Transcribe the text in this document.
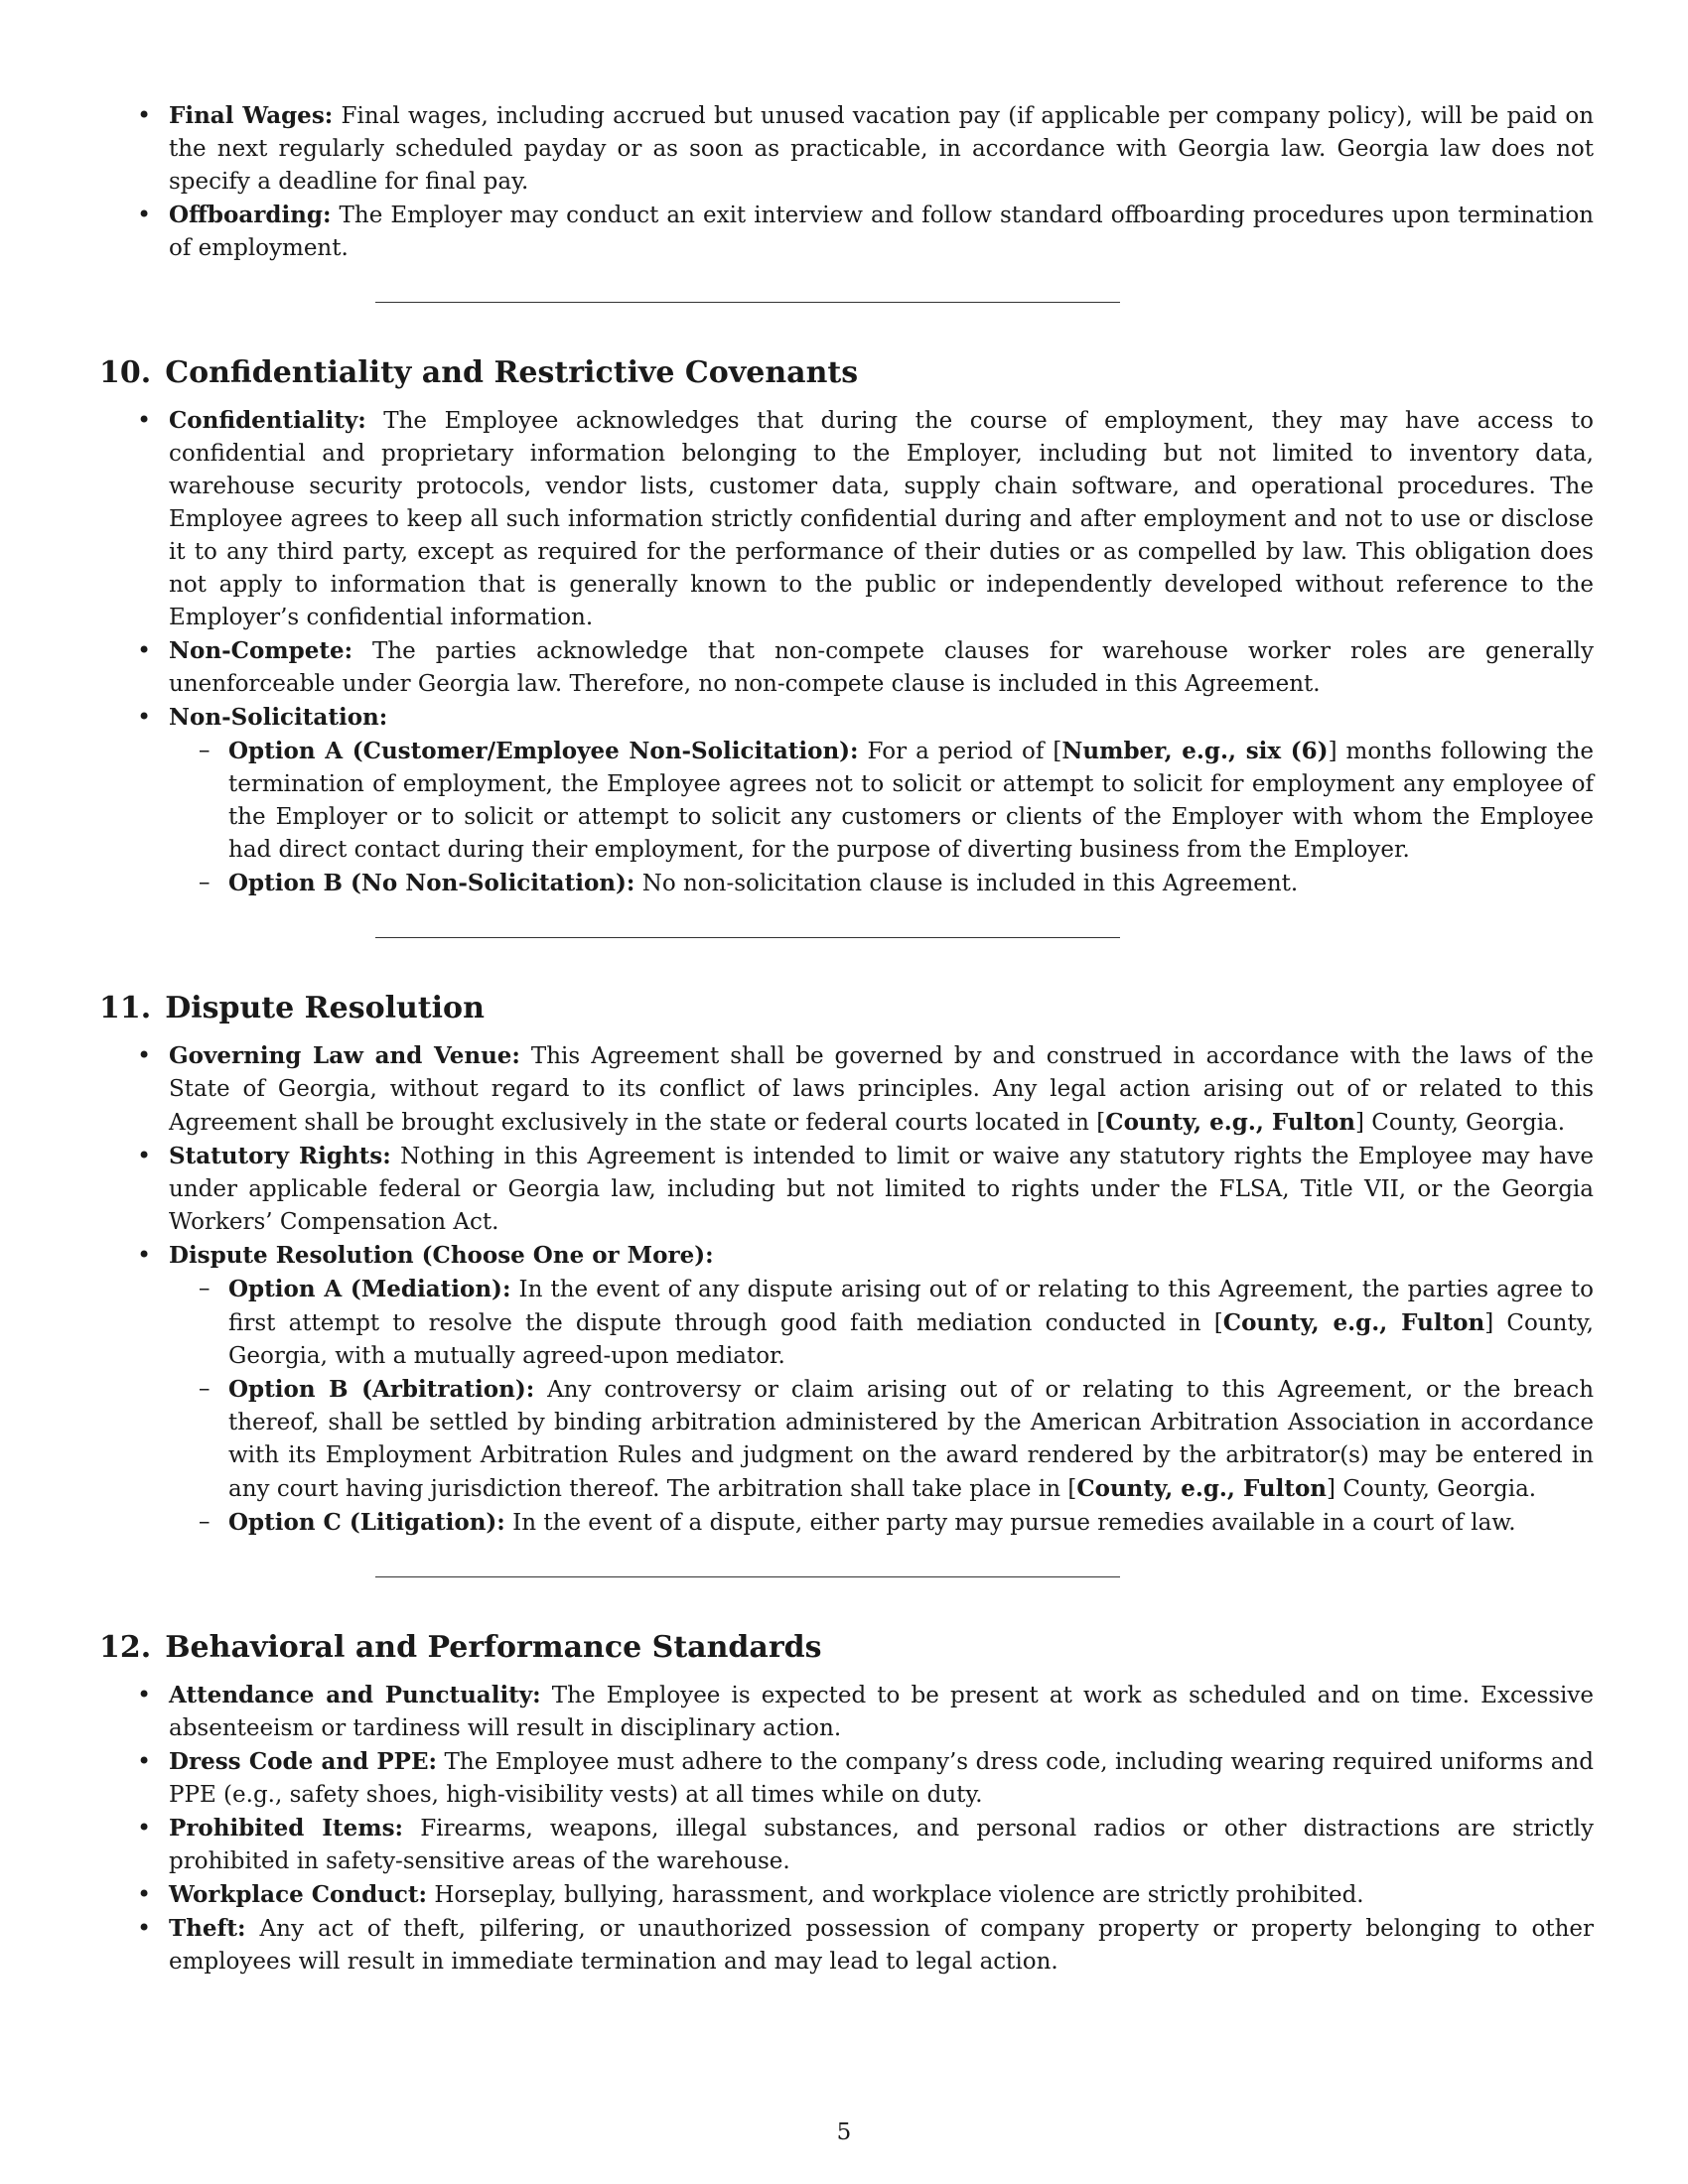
• Final Wages: Final wages, including accrued but unused vacation pay (if applicable per company policy), will be paid on the next regularly scheduled payday or as soon as practicable, in accordance with Georgia law. Georgia law does not specify a deadline for final pay.
• Offboarding: The Employer may conduct an exit interview and follow standard offboarding procedures upon termination of employment.
10. Confidentiality and Restrictive Covenants
• Confidentiality: The Employee acknowledges that during the course of employment, they may have access to confidential and proprietary information belonging to the Employer, including but not limited to inventory data, warehouse security protocols, vendor lists, customer data, supply chain software, and operational procedures. The Employee agrees to keep all such information strictly confidential during and after employment and not to use or disclose it to any third party, except as required for the performance of their duties or as compelled by law. This obligation does not apply to information that is generally known to the public or independently developed without reference to the Employer’s confidential information.
• Non-Compete: The parties acknowledge that non-compete clauses for warehouse worker roles are generally unenforceable under Georgia law. Therefore, no non-compete clause is included in this Agreement.
• Non-Solicitation:
– Option A (Customer/Employee Non-Solicitation): For a period of [Number, e.g., six (6)] months following the termination of employment, the Employee agrees not to solicit or attempt to solicit for employment any employee of the Employer or to solicit or attempt to solicit any customers or clients of the Employer with whom the Employee had direct contact during their employment, for the purpose of diverting business from the Employer.
– Option B (No Non-Solicitation): No non-solicitation clause is included in this Agreement.
11. Dispute Resolution
• Governing Law and Venue: This Agreement shall be governed by and construed in accordance with the laws of the State of Georgia, without regard to its conflict of laws principles. Any legal action arising out of or related to this Agreement shall be brought exclusively in the state or federal courts located in [County, e.g., Fulton] County, Georgia.
• Statutory Rights: Nothing in this Agreement is intended to limit or waive any statutory rights the Employee may have under applicable federal or Georgia law, including but not limited to rights under the FLSA, Title VII, or the Georgia Workers’ Compensation Act.
• Dispute Resolution (Choose One or More):
– Option A (Mediation): In the event of any dispute arising out of or relating to this Agreement, the parties agree to first attempt to resolve the dispute through good faith mediation conducted in [County, e.g., Fulton] County, Georgia, with a mutually agreed-upon mediator.
– Option B (Arbitration): Any controversy or claim arising out of or relating to this Agreement, or the breach thereof, shall be settled by binding arbitration administered by the American Arbitration Association in accordance with its Employment Arbitration Rules and judgment on the award rendered by the arbitrator(s) may be entered in any court having jurisdiction thereof. The arbitration shall take place in [County, e.g., Fulton] County, Georgia.
– Option C (Litigation): In the event of a dispute, either party may pursue remedies available in a court of law.
12. Behavioral and Performance Standards
• Attendance and Punctuality: The Employee is expected to be present at work as scheduled and on time. Excessive absenteeism or tardiness will result in disciplinary action.
• Dress Code and PPE: The Employee must adhere to the company’s dress code, including wearing required uniforms and PPE (e.g., safety shoes, high-visibility vests) at all times while on duty.
• Prohibited Items: Firearms, weapons, illegal substances, and personal radios or other distractions are strictly prohibited in safety-sensitive areas of the warehouse.
• Workplace Conduct: Horseplay, bullying, harassment, and workplace violence are strictly prohibited.
• Theft: Any act of theft, pilfering, or unauthorized possession of company property or property belonging to other employees will result in immediate termination and may lead to legal action.
5
